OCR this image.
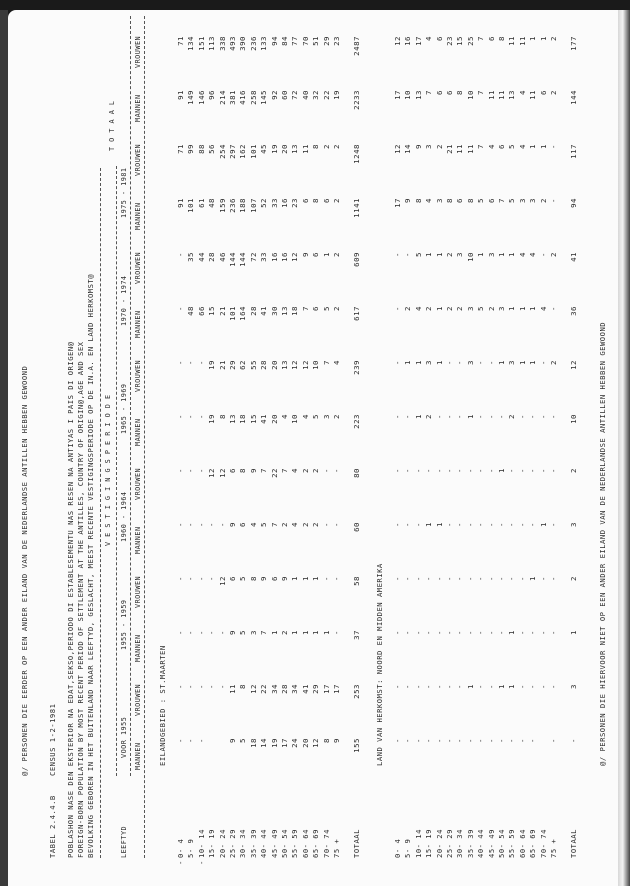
@/ PERSONEN DIE EERDER OP EEN ANDER EILAND VAN DE NEDERLANDSE ANTILLEN HEBBEN GEWOOND
TABEL 2.4.4.B
CENSUS 1-2-1981 POBLASHON NASE DEN EKSTERIOR NA EDAT,SEKSO,PERIODO DI ESTABLESEMENTU NAS RESEN NA ANTIYAS I PAIS DI ORIGEN@ FOREIGN-BORN POPULATION BY MOST RECENT PERIOD OF SETTLEMENT AT THE ANTILLES, COUNTRY OF ORIGIN@,AGE AND SEX BEVOLKING GEBOREN IN HET BUITENLAND NAAR LEEFTYD, GESLACHT, MEEST RECENTE VESTIGINGSPERIODE OP DE IN.A. EN LAND HERKOMST@ V E S T I G I N G S P E R I O D E
T O T A A L
LEEFTYD
VOOR 1955
1955 - 1959
1960 - 1964
1965 - 1969
1970 - 1974
1975 - 1981
MANNEN
VROUWEN
MANNEN
VROUWEN
MANNEN
VROUWEN
MANNEN
VROUWEN
MANNEN
VROUWEN
MANNEN
VROUWEN
MANNEN
VROUWEN
EILANDGEBIED : ST.MAARTEN
0- 4
-
-
-
-
-
-
-
-
-
-
-
91
71
91
71
5- 9
-
-
-
-
-
-
-
-
48
35
101
99
149
134
10- 14
-
-
-
-
-
-
-
-
-
66
44
61
88
146
151
15- 19
-
-
-
-
12
19
19
15
28
48
56
96
113
20- 24
-
-
12
-
12
8
21
21
46
159
254
214
338
25- 29
9
11
9
6
9
6
13
29
101
144
236
297
381
493
30- 34
5
8
5
5
6
8
18
62
164
144
188
162
416
390
35- 39
18
12
3
8
4
9
15
55
28
72
107
101
258
236
40- 44
14
22
7
9
5
7
41
28
41
33
52
45
145
133
45- 49
19
34
1
6
7
22
20
20
30
16
33
19
92
94
50- 54
17
28
2
9
2
7
4
13
13
16
16
20
60
84
55- 59
24
34
1
1
4
4
10
12
18
12
23
13
72
77
60- 64
20
41
1
1
2
2
4
12
7
9
6
11
40
70
65- 69
12
29
1
1
2
2
5
10
6
6
8
8
32
51
70- 74
8
17
1
-
-
-
3
7
5
1
6
2
22
29
75 +
9
17
-
-
-
-
2
4
2
2
2
2
19
23
TOTAAL
155
253
37
58
60
80
223
239
617
609
1141
1248
2233
2487
LAND VAN HERKOMST: NOORD EN MIDDEN AMERIKA
0- 4
-
-
-
-
-
-
-
-
-
-
17
12
17
12
5- 9
-
-
-
-
-
-
-
1
2
-
9
14
10
16
10- 14
-
-
-
-
-
-
1
1
4
5
8
9
13
17
15- 19
-
-
-
-
1
-
2
3
2
1
4
3
7
4
20- 24
-
-
-
-
1
-
-
1
1
1
3
2
6
6
25- 29
-
-
-
-
-
-
-
-
2
2
8
21
6
23
30- 34
-
-
-
-
-
-
-
-
2
3
6
11
8
15
35- 39
-
1
-
-
-
-
1
3
3
10
8
11
10
25
40- 44
-
-
-
-
-
-
-
-
5
1
5
7
7
7
45- 49
-
-
-
-
-
-
-
-
2
3
6
4
11
6
50- 54
-
1
-
-
-
1
-
1
3
1
7
6
11
8
55- 59
-
1
1
-
-
-
2
3
1
1
5
5
13
11
60- 64
-
-
-
-
-
-
-
1
1
4
3
4
4
11
65- 69
-
-
-
1
-
-
-
1
1
4
3
1
11
1
70- 74
-
-
-
1
-
-
-
4
-
2
1
6
1
75 +
-
-
-
-
-
-
-
2
-
2
-
-
2
2
TOTAAL
-
3
1
2
3
2
10
12
36
41
94
117
144
177
@/ PERSONEN DIE HIERVOOR NIET OP EEN ANDER EILAND VAN DE NEDERLANDSE ANTILLEN HEBBEN GEWOOND
